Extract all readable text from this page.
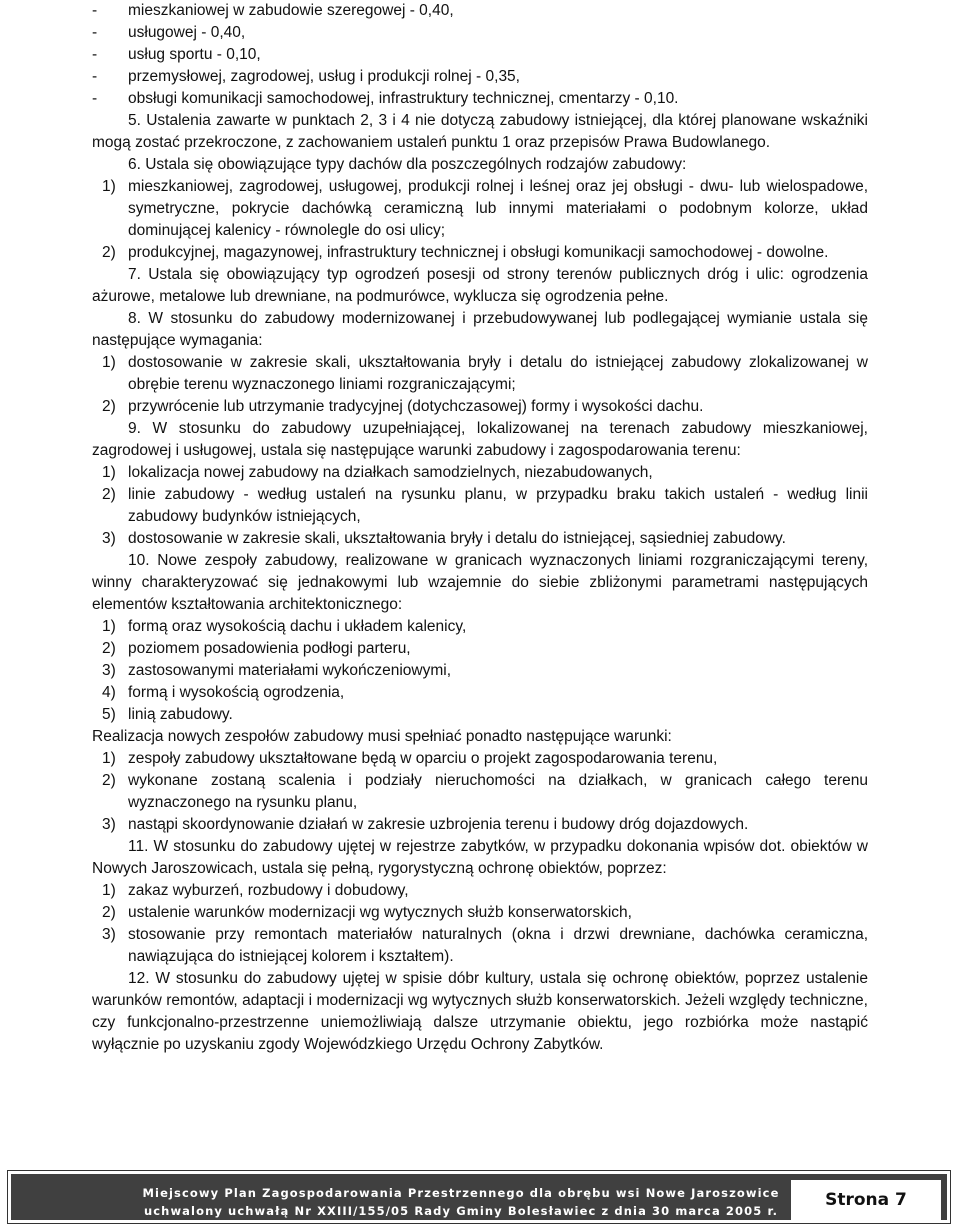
- mieszkaniowej w zabudowie szeregowej - 0,40,

- usługowej - 0,40,

- usług sportu - 0,10,

- przemysłowej, zagrodowej, usług i produkcji rolnej - 0,35,

- obsługi komunikacji samochodowej, infrastruktury technicznej, cmentarzy - 0,10.

5. Ustalenia zawarte w punktach 2, 3 i 4 nie dotyczą zabudowy istniejącej, dla której planowane wskaźniki mogą zostać przekroczone, z zachowaniem ustaleń punktu 1 oraz przepisów Prawa Budowlanego.

6. Ustala się obowiązujące typy dachów dla poszczególnych rodzajów zabudowy:

1) mieszkaniowej, zagrodowej, usługowej, produkcji rolnej i leśnej oraz jej obsługi - dwu- lub wielospadowe, symetryczne, pokrycie dachówką ceramiczną lub innymi materiałami o podobnym kolorze, układ dominującej kalenicy - równolegle do osi ulicy;

2) produkcyjnej, magazynowej, infrastruktury technicznej i obsługi komunikacji samochodowej - dowolne.

7. Ustala się obowiązujący typ ogrodzeń posesji od strony terenów publicznych dróg i ulic: ogrodzenia ażurowe, metalowe lub drewniane, na podmurówce, wyklucza się ogrodzenia pełne.

8. W stosunku do zabudowy modernizowanej i przebudowywanej lub podlegającej wymianie ustala się następujące wymagania:

1) dostosowanie w zakresie skali, ukształtowania bryły i detalu do istniejącej zabudowy zlokalizowanej w obrębie terenu wyznaczonego liniami rozgraniczającymi;

2) przywrócenie lub utrzymanie tradycyjnej (dotychczasowej) formy i wysokości dachu.

9. W stosunku do zabudowy uzupełniającej, lokalizowanej na terenach zabudowy mieszkaniowej, zagrodowej i usługowej, ustala się następujące warunki zabudowy i zagospodarowania terenu:

1) lokalizacja nowej zabudowy na działkach samodzielnych, niezabudowanych,

2) linie zabudowy - według ustaleń na rysunku planu, w przypadku braku takich ustaleń - według linii zabudowy budynków istniejących,

3) dostosowanie w zakresie skali, ukształtowania bryły i detalu do istniejącej, sąsiedniej zabudowy.

10. Nowe zespoły zabudowy, realizowane w granicach wyznaczonych liniami rozgraniczającymi tereny, winny charakteryzować się jednakowymi lub wzajemnie do siebie zbliżonymi parametrami następujących elementów kształtowania architektonicznego:

1) formą oraz wysokością dachu i układem kalenicy,

2) poziomem posadowienia podłogi parteru,

3) zastosowanymi materiałami wykończeniowymi,

4) formą i wysokością ogrodzenia,

5) linią zabudowy.

Realizacja nowych zespołów zabudowy musi spełniać ponadto następujące warunki:

1) zespoły zabudowy ukształtowane będą w oparciu o projekt zagospodarowania terenu,

2) wykonane zostaną scalenia i podziały nieruchomości na działkach, w granicach całego terenu wyznaczonego na rysunku planu,

3) nastąpi skoordynowanie działań w zakresie uzbrojenia terenu i budowy dróg dojazdowych.

11. W stosunku do zabudowy ujętej w rejestrze zabytków, w przypadku dokonania wpisów dot. obiektów w Nowych Jaroszowicach, ustala się pełną, rygorystyczną ochronę obiektów, poprzez:

1) zakaz wyburzeń, rozbudowy i dobudowy,

2) ustalenie warunków modernizacji wg wytycznych służb konserwatorskich,

3) stosowanie przy remontach materiałów naturalnych (okna i drzwi drewniane, dachówka ceramiczna, nawiązująca do istniejącej kolorem i kształtem).

12. W stosunku do zabudowy ujętej w spisie dóbr kultury, ustala się ochronę obiektów, poprzez ustalenie warunków remontów, adaptacji i modernizacji wg wytycznych służb konserwatorskich. Jeżeli względy techniczne, czy funkcjonalno-przestrzenne uniemożliwiają dalsze utrzymanie obiektu, jego rozbiórka może nastąpić wyłącznie po uzyskaniu zgody Wojewódzkiego Urzędu Ochrony Zabytków.

Miejscowy Plan Zagospodarowania Przestrzennego dla obrębu wsi Nowe Jaroszowice
uchwalony uchwałą Nr XXIII/155/05 Rady Gminy Bolesławiec z dnia 30 marca 2005 r.
Strona 7
